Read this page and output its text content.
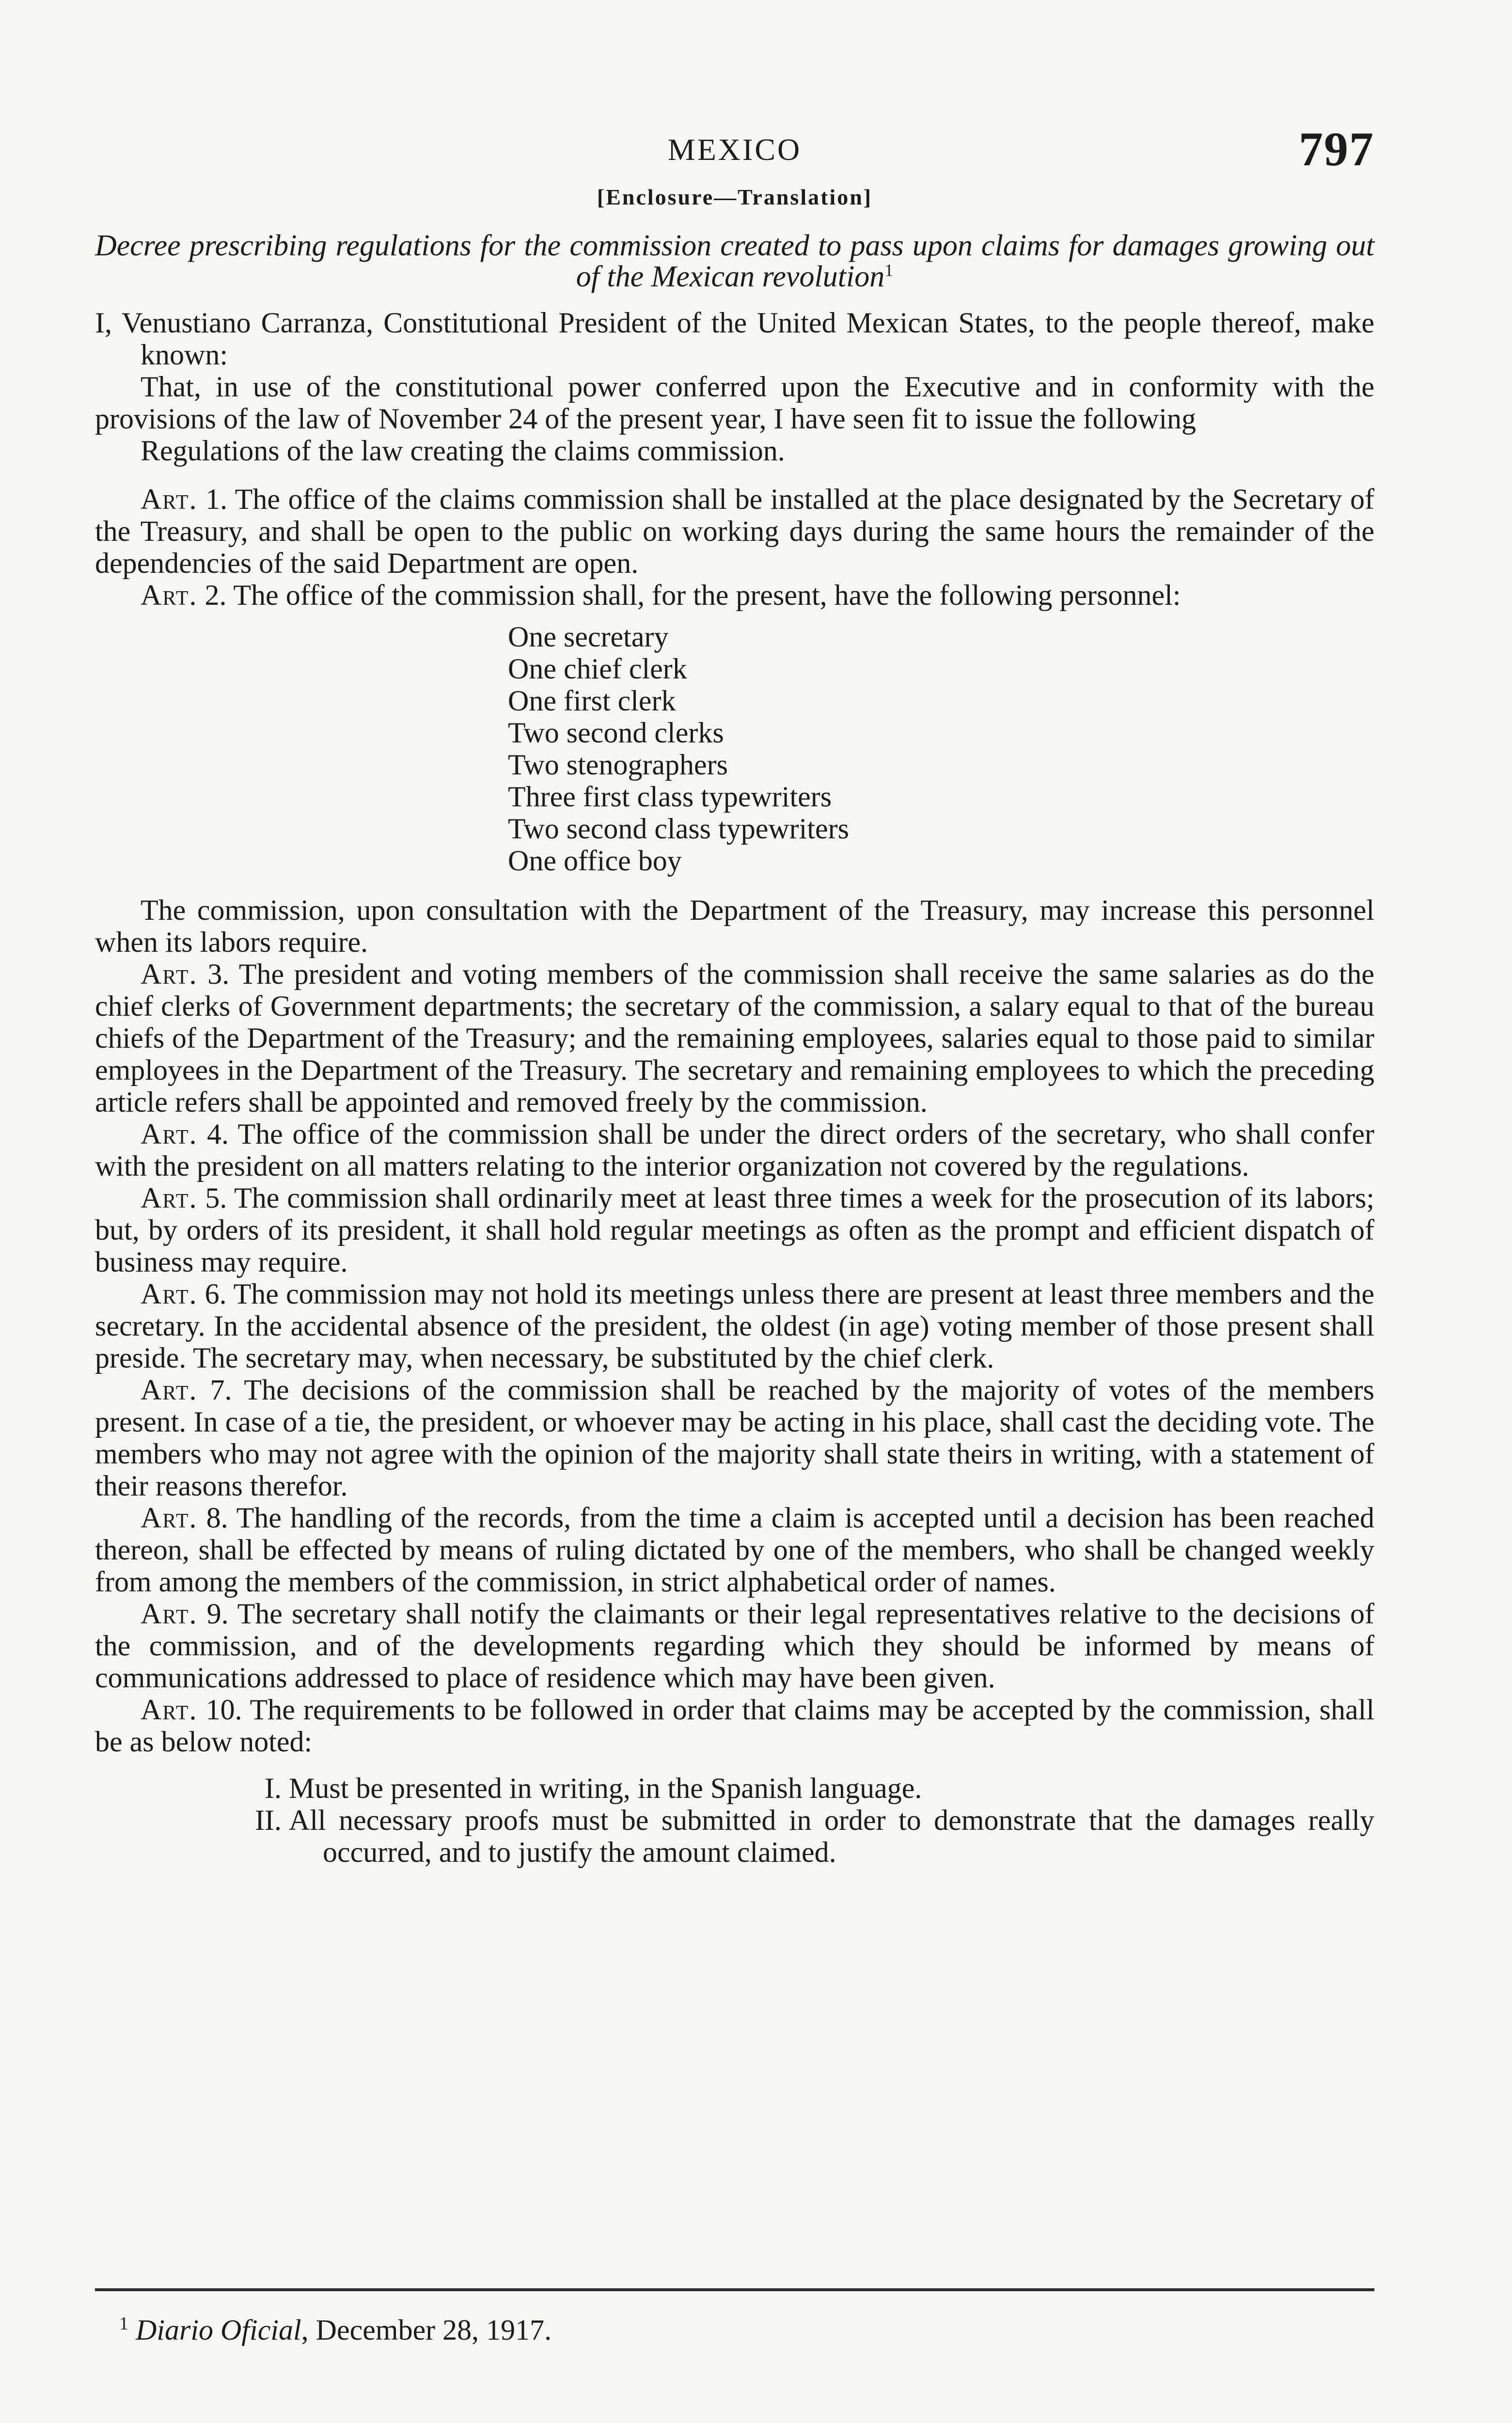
MEXICO	797
[Enclosure—Translation]
Decree prescribing regulations for the commission created to pass upon claims for damages growing out of the Mexican revolution$^1$

I, Venustiano Carranza, Constitutional President of the United Mexican States, to the people thereof, make known:

That, in use of the constitutional power conferred upon the Executive and in conformity with the provisions of the law of November 24 of the present year, I have seen fit to issue the following

Regulations of the law creating the claims commission.

Art. 1. The office of the claims commission shall be installed at the place designated by the Secretary of the Treasury, and shall be open to the public on working days during the same hours the remainder of the dependencies of the said Department are open.

Art. 2. The office of the commission shall, for the present, have the following personnel:

One secretary
One chief clerk
One first clerk
Two second clerks
Two stenographers
Three first class typewriters
Two second class typewriters
One office boy

The commission, upon consultation with the Department of the Treasury, may increase this personnel when its labors require.

Art. 3. The president and voting members of the commission shall receive the same salaries as do the chief clerks of Government departments; the secretary of the commission, a salary equal to that of the bureau chiefs of the Department of the Treasury; and the remaining employees, salaries equal to those paid to similar employees in the Department of the Treasury. The secretary and remaining employees to which the preceding article refers shall be appointed and removed freely by the commission.

Art. 4. The office of the commission shall be under the direct orders of the secretary, who shall confer with the president on all matters relating to the interior organization not covered by the regulations.

Art. 5. The commission shall ordinarily meet at least three times a week for the prosecution of its labors; but, by orders of its president, it shall hold regular meetings as often as the prompt and efficient dispatch of business may require.

Art. 6. The commission may not hold its meetings unless there are present at least three members and the secretary. In the accidental absence of the president, the oldest (in age) voting member of those present shall preside. The secretary may, when necessary, be substituted by the chief clerk.

Art. 7. The decisions of the commission shall be reached by the majority of votes of the members present. In case of a tie, the president, or whoever may be acting in his place, shall cast the deciding vote. The members who may not agree with the opinion of the majority shall state theirs in writing, with a statement of their reasons therefor.

Art. 8. The handling of the records, from the time a claim is accepted until a decision has been reached thereon, shall be effected by means of ruling dictated by one of the members, who shall be changed weekly from among the members of the commission, in strict alphabetical order of names.

Art. 9. The secretary shall notify the claimants or their legal representatives relative to the decisions of the commission, and of the developments regarding which they should be informed by means of communications addressed to place of residence which may have been given.

Art. 10. The requirements to be followed in order that claims may be accepted by the commission, shall be as below noted:

I. Must be presented in writing, in the Spanish language.

II. All necessary proofs must be submitted in order to demonstrate that the damages really occurred, and to justify the amount claimed.

$^1$ Diario Oficial, December 28, 1917.
